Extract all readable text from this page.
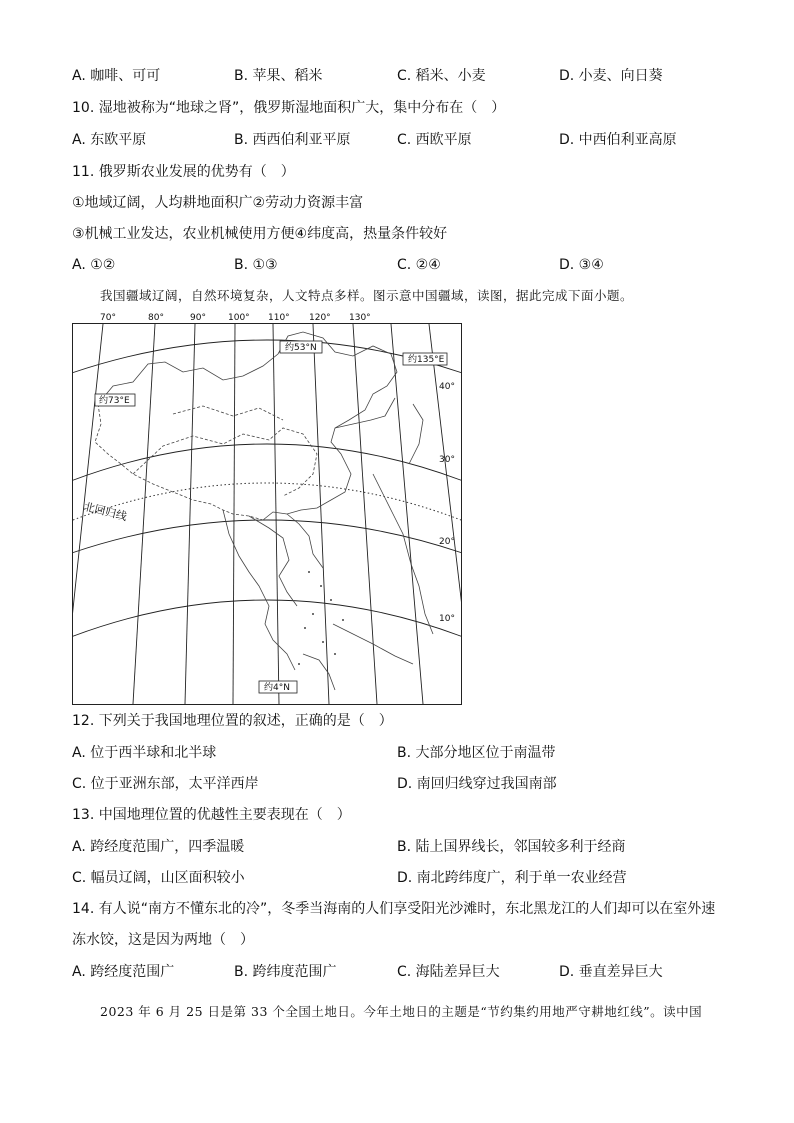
A. 咖啡、可可	B. 苹果、稻米	C. 稻米、小麦	D. 小麦、向日葵
10. 湿地被称为“地球之肾”，俄罗斯湿地面积广大，集中分布在（　）
A. 东欧平原	B. 西西伯利亚平原	C. 西欧平原	D. 中西伯利亚高原
11. 俄罗斯农业发展的优势有（　）
①地域辽阔，人均耕地面积广②劳动力资源丰富
③机械工业发达，农业机械使用方便④纬度高，热量条件较好
A. ①②	B. ①③	C. ②④	D. ③④
我国疆域辽阔，自然环境复杂，人文特点多样。图示意中国疆域，读图，据此完成下面小题。
70°	80°	90° 100° 110° 120° 130°
约53°N
约135°E
约73°E
约4°N
40°
30°
20°
10°
北回归线
12. 下列关于我国地理位置的叙述，正确的是（　）
A. 位于西半球和北半球	B. 大部分地区位于南温带
C. 位于亚洲东部，太平洋西岸	D. 南回归线穿过我国南部
13. 中国地理位置的优越性主要表现在（　）
A. 跨经度范围广，四季温暖	B. 陆上国界线长，邻国较多利于经商
C. 幅员辽阔，山区面积较小	D. 南北跨纬度广，利于单一农业经营
14. 有人说“南方不懂东北的冷”，冬季当海南的人们享受阳光沙滩时，东北黑龙江的人们却可以在室外速
冻水饺，这是因为两地（　）
A. 跨经度范围广	B. 跨纬度范围广	C. 海陆差异巨大	D. 垂直差异巨大
2023 年 6 月 25 日是第 33 个全国土地日。今年土地日的主题是“节约集约用地严守耕地红线”。读中国
